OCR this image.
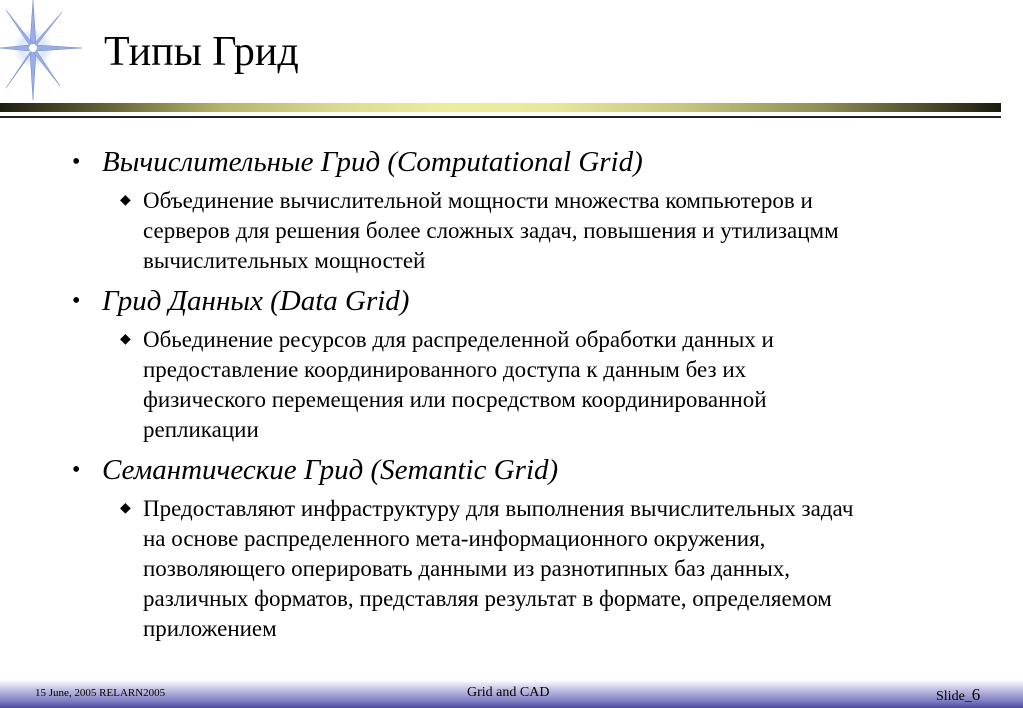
Типы Грид
• Вычислительные Грид (Computational Grid)
◆ Объединение вычислительной мощности множества компьютеров и
серверов для решения более сложных задач, повышения и утилизацмм
вычислительных мощностей
• Грид Данных (Data Grid)
◆ Обьединение ресурсов для распределенной обработки данных и
предоставление координированного доступа к данным без их
физического перемещения или посредством координированной
репликации
• Семантические Грид (Semantic Grid)
◆ Предоставляют инфраструктуру для выполнения вычислительных задач
на основе распределенного мета-информационного окружения,
позволяющего оперировать данными из разнотипных баз данных,
различных форматов, представляя результат в формате, определяемом
приложением
15 June, 2005 RELARN2005	Grid and CAD	Slide_6
